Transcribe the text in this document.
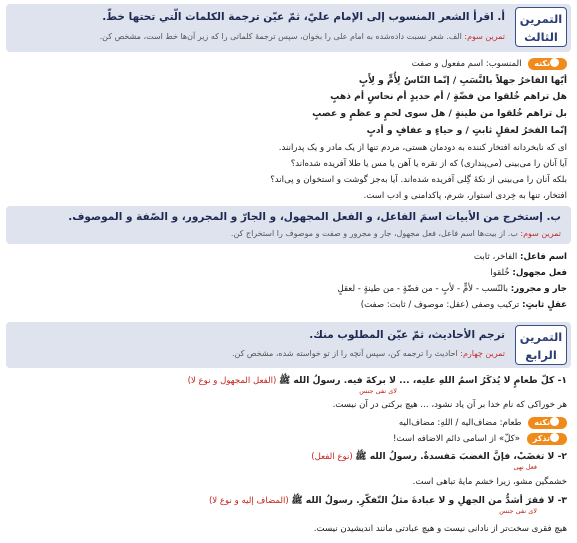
التمرين الثالث
أ. اقرأ الشعر المنسوب إلى الإمام عليّ، ثمّ عيّن ترجمة الكلمات الّتي تحتها خطّ.
تمرين سوم: الف. شعر نسبت داده‌شده به امام علی را بخوان، سپس ترجمهٔ کلماتی را که زیر آن‌ها خط است، مشخص کن.
نکته المنسوب: اسم مفعول و صفت
أيّها الفاخرُ جهلاً بالنَّسَبِ / إنّما النّاسُ لِأُمٍّ و لِأَبٍ
هل تراهم خُلقوا من فضّةٍ / أم حديدٍ أم نحاسٍ أم ذهبٍ
بل تراهم خُلقوا من طينةٍ / هل سوى لحمٍ و عظمٍ و عصبٍ
إنّما الفخرُ لعقلٍ ثابتٍ / و حياءٍ و عفافٍ و أدبٍ
ای که نابخردانه افتخار کننده به دودمان هستی، مردم تنها از یک مادر و یک پدرانند.
آیا آنان را می‌بینی (می‌پنداری) که از نقره یا آهن یا مس یا طلا آفریده شده‌اند؟
بلکه آنان را می‌بینی از تکهٔ گِلی آفریده شده‌اند. آیا به‌جز گوشت و استخوان و پی‌اند؟
افتخار، تنها به خِردی استوار، شرم، پاکدامنی و ادب است.
ب. إستخرج من الأبيات اسمَ الفاعل، و الفعل المجهول، و الجارّ و المجرور، و الصّفة و الموصوف.
تمرین سوم: ب. از بیت‌ها اسم فاعل، فعل مجهول، جار و مجرور و صفت و موصوف را استخراج کن.
اسم فاعل: الفاخر، ثابت
فعل مجهول: خُلقوا
جار و مجرور: بالنّسب - لأمٍّ - لأبٍ - من فضّةٍ - من طينةٍ - لعقلٍ
عقلٍ ثابتٍ: ترکیب وصفی (عقل: موصوف / ثابت: صفت)
التمرين الرابع
ترجم الأحاديث، ثمّ عيّن المطلوب منك.
تمرین چهارم: احادیث را ترجمه کن، سپس آنچه را از تو خواسته شده، مشخص کن.
۱- كلّ طعامٍ لا يُذكَرُ اسمُ اللهِ عليه، ... لا بركةَ فيه. رسولُ الله ﷺ (الفعل المجهول و نوع لا)
لای نفی جنس
هر خوراکی که نام خدا بر آن یاد نشود، ... هیچ برکتی در آن نیست.
نکته طعام: مضاف‌الیه / اللهِ: مضاف‌الیه
تذکر «كلّ» از اسامی دائم الاضافه است!
۲- لا تغضَبْ، فإنَّ الغضبَ مَفسدةٌ. رسولُ الله ﷺ (نوع الفعل)
فعل نهی
خشمگین مشو، زیرا خشم مایهٔ تباهی است.
۳- لا فقرَ أشدُّ من الجهلِ و لا عبادةَ مثلُ التّفكّرِ. رسولُ الله ﷺ (المضاف إليه و نوع لا)
لای نفی جنس
هیچ فقری سخت‌تر از نادانی نیست و هیچ عبادتی مانند اندیشیدن نیست.
